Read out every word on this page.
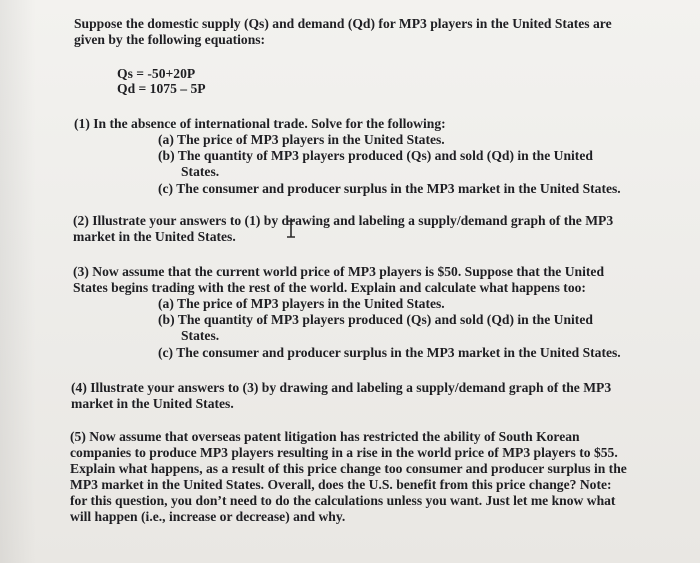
Suppose the domestic supply (Qs) and demand (Qd) for MP3 players in the United States are
given by the following equations:
Qs = -50+20P
Qd = 1075 – 5P
(1) In the absence of international trade. Solve for the following:
(a) The price of MP3 players in the United States.
(b) The quantity of MP3 players produced (Qs) and sold (Qd) in the United
States.
(c) The consumer and producer surplus in the MP3 market in the United States.
(2) Illustrate your answers to (1) by drawing and labeling a supply/demand graph of the MP3
market in the United States.
(3) Now assume that the current world price of MP3 players is $50. Suppose that the United
States begins trading with the rest of the world. Explain and calculate what happens too:
(a) The price of MP3 players in the United States.
(b) The quantity of MP3 players produced (Qs) and sold (Qd) in the United
States.
(c) The consumer and producer surplus in the MP3 market in the United States.
(4) Illustrate your answers to (3) by drawing and labeling a supply/demand graph of the MP3
market in the United States.
(5) Now assume that overseas patent litigation has restricted the ability of South Korean
companies to produce MP3 players resulting in a rise in the world price of MP3 players to $55.
Explain what happens, as a result of this price change too consumer and producer surplus in the
MP3 market in the United States. Overall, does the U.S. benefit from this price change? Note:
for this question, you don’t need to do the calculations unless you want. Just let me know what
will happen (i.e., increase or decrease) and why.
